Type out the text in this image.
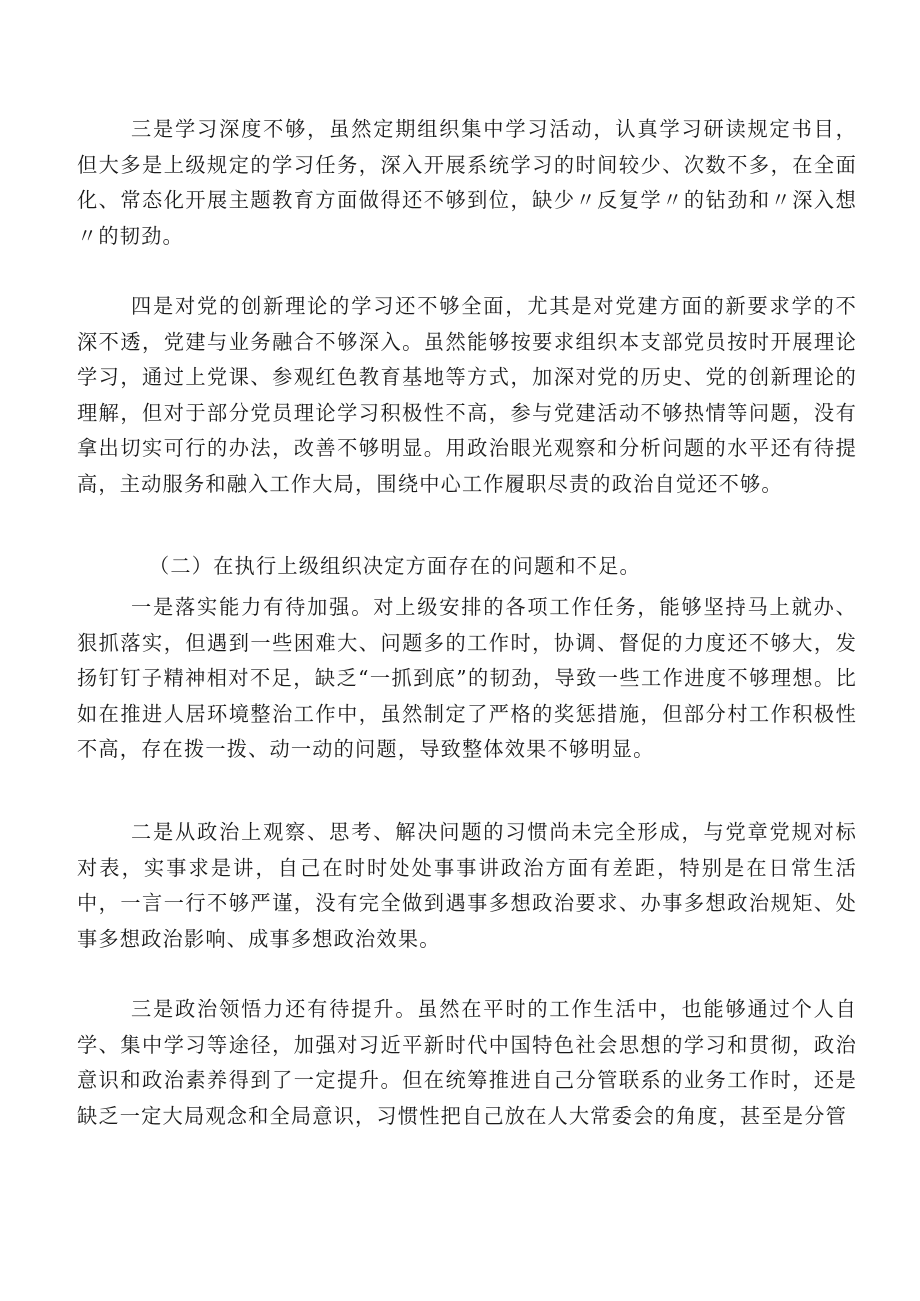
三是学习深度不够，虽然定期组织集中学习活动，认真学习研读规定书目，但大多是上级规定的学习任务，深入开展系统学习的时间较少、次数不多，在全面化、常态化开展主题教育方面做得还不够到位，缺少〃反复学〃的钻劲和〃深入想〃的韧劲。

四是对党的创新理论的学习还不够全面，尤其是对党建方面的新要求学的不深不透，党建与业务融合不够深入。虽然能够按要求组织本支部党员按时开展理论学习，通过上党课、参观红色教育基地等方式，加深对党的历史、党的创新理论的理解，但对于部分党员理论学习积极性不高，参与党建活动不够热情等问题，没有拿出切实可行的办法，改善不够明显。用政治眼光观察和分析问题的水平还有待提高，主动服务和融入工作大局，围绕中心工作履职尽责的政治自觉还不够。

（二）在执行上级组织决定方面存在的问题和不足。

一是落实能力有待加强。对上级安排的各项工作任务，能够坚持马上就办、狠抓落实，但遇到一些困难大、问题多的工作时，协调、督促的力度还不够大，发扬钉钉子精神相对不足，缺乏“一抓到底”的韧劲，导致一些工作进度不够理想。比如在推进人居环境整治工作中，虽然制定了严格的奖惩措施，但部分村工作积极性不高，存在拨一拨、动一动的问题，导致整体效果不够明显。

二是从政治上观察、思考、解决问题的习惯尚未完全形成，与党章党规对标对表，实事求是讲，自己在时时处处事事讲政治方面有差距，特别是在日常生活中，一言一行不够严谨，没有完全做到遇事多想政治要求、办事多想政治规矩、处事多想政治影响、成事多想政治效果。

三是政治领悟力还有待提升。虽然在平时的工作生活中，也能够通过个人自学、集中学习等途径，加强对习近平新时代中国特色社会思想的学习和贯彻，政治意识和政治素养得到了一定提升。但在统筹推进自己分管联系的业务工作时，还是缺乏一定大局观念和全局意识，习惯性把自己放在人大常委会的角度，甚至是分管
